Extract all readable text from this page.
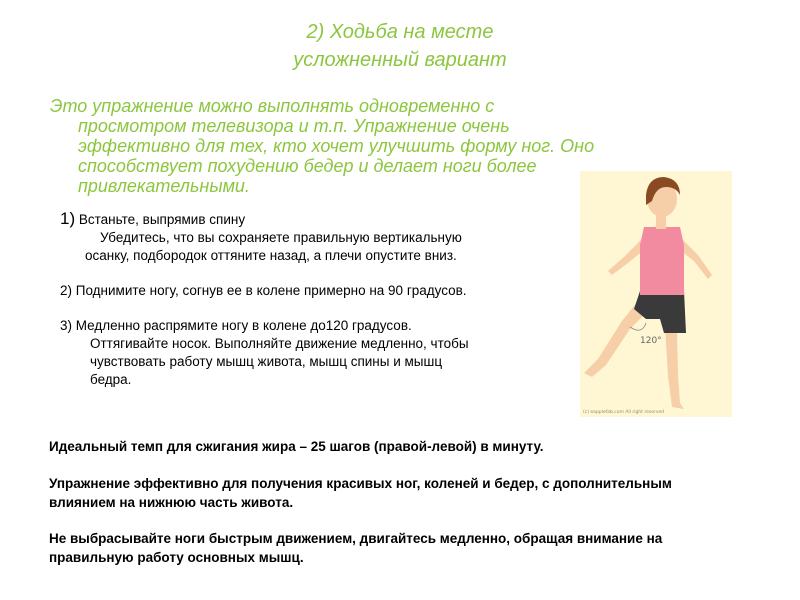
2) Ходьба на месте
усложненный вариант
Это упражнение можно выполнять одновременно с
просмотром телевизора и т.п. Упражнение очень
эффективно для тех, кто хочет улучшить форму ног. Оно
способствует похудению бедер и делает ноги более
привлекательными.
1) Встаньте, выпрямив спину
Убедитесь, что вы сохраняете правильную вертикальную
осанку, подбородок оттяните назад, а плечи опустите вниз.
2) Поднимите ногу, согнув ее в колене примерно на 90 градусов.
3) Медленно распрямите ногу в колене до120 градусов.
Оттягивайте носок. Выполняйте движение медленно, чтобы
чувствовать работу мышц живота, мышц спины и мышц
бедра.
120°
(c) eapplefab.com All right reserved
Идеальный темп для сжигания жира – 25 шагов (правой-левой) в минуту.
Упражнение эффективно для получения красивых ног, коленей и бедер, с дополнительным
влиянием на нижнюю часть живота.
Не выбрасывайте ноги быстрым движением, двигайтесь медленно, обращая внимание на
правильную работу основных мышц.
